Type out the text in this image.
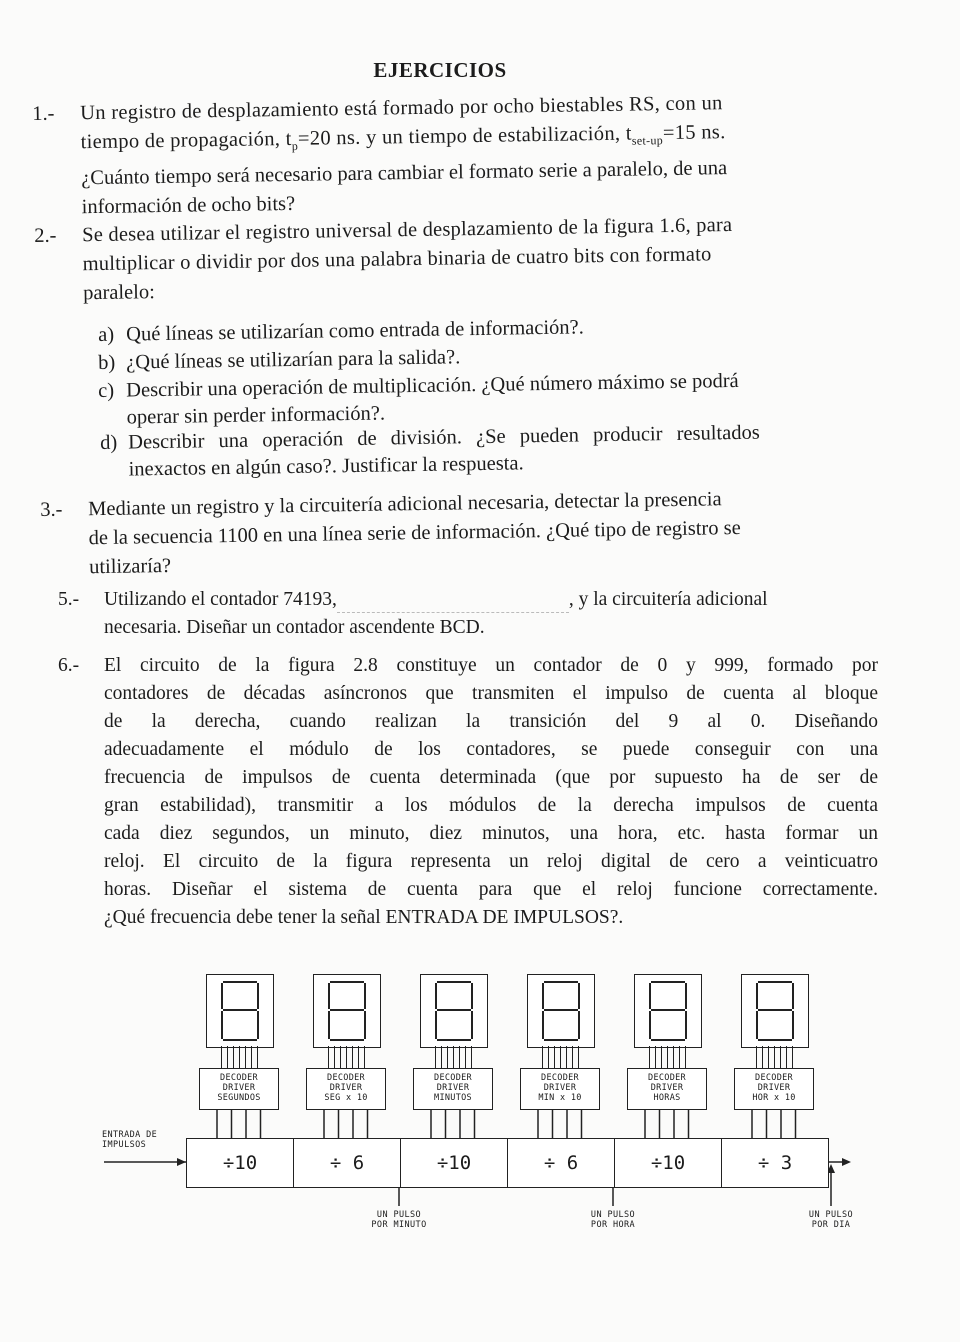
EJERCICIOS
1.- Un registro de desplazamiento está formado por ocho biestables RS, con un
tiempo de propagación, $t_p=20$ ns. y un tiempo de estabilización, $t_{set-up}=15$ ns.
¿Cuánto tiempo será necesario para cambiar el formato serie a paralelo, de una
información de ocho bits?
2.- Se desea utilizar el registro universal de desplazamiento de la figura 1.6, para
multiplicar o dividir por dos una palabra binaria de cuatro bits con formato
paralelo:
a) Qué líneas se utilizarían como entrada de información?.
b) ¿Qué líneas se utilizarían para la salida?.
c) Describir una operación de multiplicación. ¿Qué número máximo se podrá
operar sin perder información?.
d) Describir una operación de división. ¿Se pueden producir resultados
inexactos en algún caso?. Justificar la respuesta.
3.- Mediante un registro y la circuitería adicional necesaria, detectar la presencia
de la secuencia 1100 en una línea serie de información. ¿Qué tipo de registro se
utilizaría?
5.- Utilizando el contador 74193,	, y la circuitería adicional
necesaria. Diseñar un contador ascendente BCD.
6.- El circuito de la figura 2.8 constituye un contador de 0 y 999, formado por
contadores de décadas asíncronos que transmiten el impulso de cuenta al bloque
de la derecha, cuando realizan la transición del 9 al 0. Diseñando
adecuadamente el módulo de los contadores, se puede conseguir con una
frecuencia de impulsos de cuenta determinada (que por supuesto ha de ser de
gran estabilidad), transmitir a los módulos de la derecha impulsos de cuenta
cada diez segundos, un minuto, diez minutos, una hora, etc. hasta formar un
reloj. El circuito de la figura representa un reloj digital de cero a veinticuatro
horas. Diseñar el sistema de cuenta para que el reloj funcione correctamente.
¿Qué frecuencia debe tener la señal ENTRADA DE IMPULSOS?.
ENTRADA DE
IMPULSOS
DECODER
DRIVER
SEGUNDOS
÷10
DECODER
DRIVER
SEG x 10
÷ 6
DECODER
DRIVER
MINUTOS
÷10
DECODER
DRIVER
MIN x 10
÷ 6
DECODER
DRIVER
HORAS
÷10
DECODER
DRIVER
HOR x 10
÷ 3
UN PULSO
POR MINUTO
UN PULSO
POR HORA
UN PULSO
POR DIA
